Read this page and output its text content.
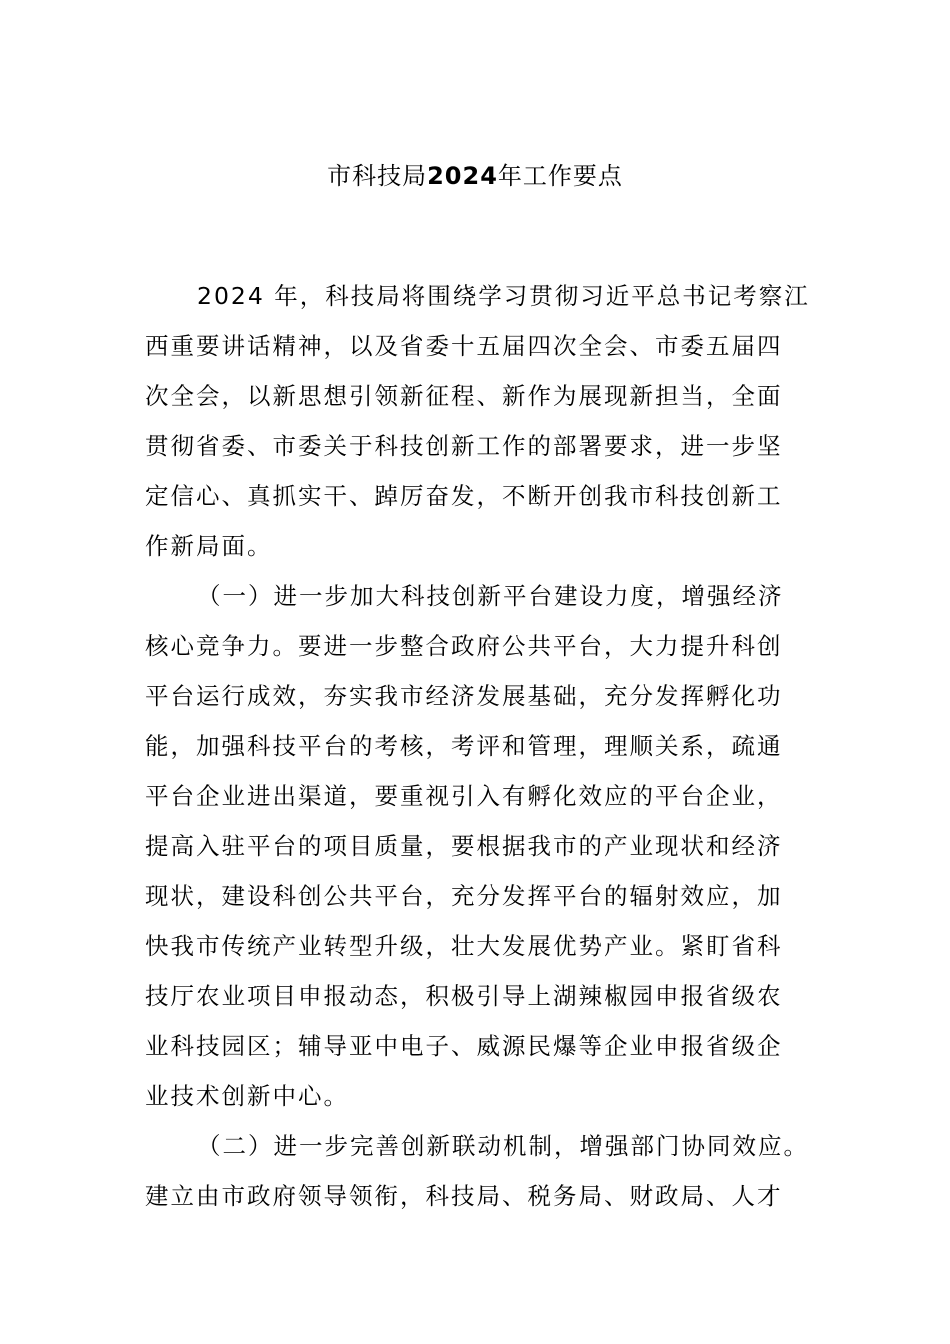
市科技局2024年工作要点
2024 年，科技局将围绕学习贯彻习近平总书记考察江
西重要讲话精神，以及省委十五届四次全会、市委五届四
次全会，以新思想引领新征程、新作为展现新担当，全面
贯彻省委、市委关于科技创新工作的部署要求，进一步坚
定信心、真抓实干、踔厉奋发，不断开创我市科技创新工
作新局面。
（一）进一步加大科技创新平台建设力度，增强经济
核心竞争力。要进一步整合政府公共平台，大力提升科创
平台运行成效，夯实我市经济发展基础，充分发挥孵化功
能，加强科技平台的考核，考评和管理，理顺关系，疏通
平台企业进出渠道，要重视引入有孵化效应的平台企业，
提高入驻平台的项目质量，要根据我市的产业现状和经济
现状，建设科创公共平台，充分发挥平台的辐射效应，加
快我市传统产业转型升级，壮大发展优势产业。紧盯省科
技厅农业项目申报动态，积极引导上湖辣椒园申报省级农
业科技园区；辅导亚中电子、威源民爆等企业申报省级企
业技术创新中心。
（二）进一步完善创新联动机制，增强部门协同效应。
建立由市政府领导领衔，科技局、税务局、财政局、人才
